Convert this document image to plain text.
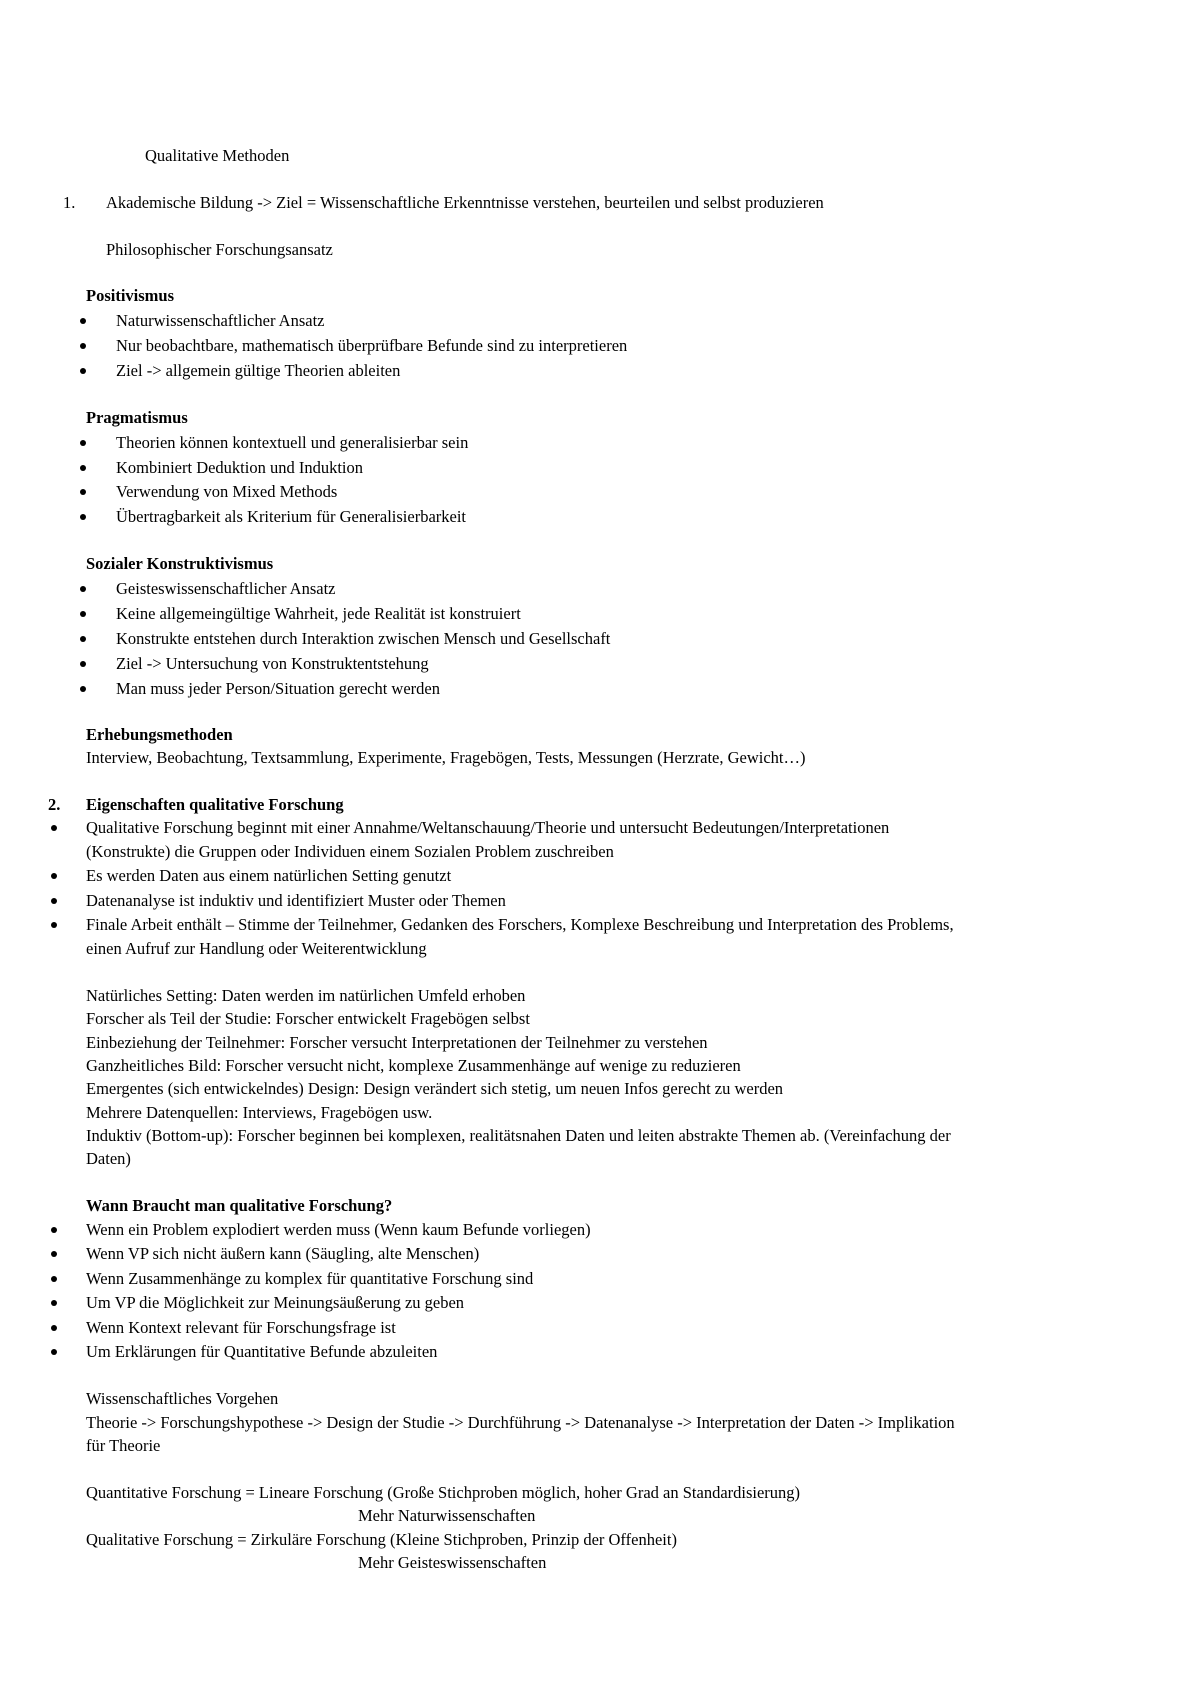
Qualitative Methoden
1. Akademische Bildung -> Ziel = Wissenschaftliche Erkenntnisse verstehen, beurteilen und selbst produzieren
Philosophischer Forschungsansatz
Positivismus
Naturwissenschaftlicher Ansatz
Nur beobachtbare, mathematisch überprüfbare Befunde sind zu interpretieren
Ziel -> allgemein gültige Theorien ableiten
Pragmatismus
Theorien können kontextuell und generalisierbar sein
Kombiniert Deduktion und Induktion
Verwendung von Mixed Methods
Übertragbarkeit als Kriterium für Generalisierbarkeit
Sozialer Konstruktivismus
Geisteswissenschaftlicher Ansatz
Keine allgemeingültige Wahrheit, jede Realität ist konstruiert
Konstrukte entstehen durch Interaktion zwischen Mensch und Gesellschaft
Ziel -> Untersuchung von Konstruktentstehung
Man muss jeder Person/Situation gerecht werden
Erhebungsmethoden
Interview, Beobachtung, Textsammlung, Experimente, Fragebögen, Tests, Messungen (Herzrate, Gewicht…)
2. Eigenschaften qualitative Forschung
Qualitative Forschung beginnt mit einer Annahme/Weltanschauung/Theorie und untersucht Bedeutungen/Interpretationen
(Konstrukte) die Gruppen oder Individuen einem Sozialen Problem zuschreiben
Es werden Daten aus einem natürlichen Setting genutzt
Datenanalyse ist induktiv und identifiziert Muster oder Themen
Finale Arbeit enthält – Stimme der Teilnehmer, Gedanken des Forschers, Komplexe Beschreibung und Interpretation des Problems,
einen Aufruf zur Handlung oder Weiterentwicklung
Natürliches Setting: Daten werden im natürlichen Umfeld erhoben
Forscher als Teil der Studie: Forscher entwickelt Fragebögen selbst
Einbeziehung der Teilnehmer: Forscher versucht Interpretationen der Teilnehmer zu verstehen
Ganzheitliches Bild: Forscher versucht nicht, komplexe Zusammenhänge auf wenige zu reduzieren
Emergentes (sich entwickelndes) Design: Design verändert sich stetig, um neuen Infos gerecht zu werden
Mehrere Datenquellen: Interviews, Fragebögen usw.
Induktiv (Bottom-up): Forscher beginnen bei komplexen, realitätsnahen Daten und leiten abstrakte Themen ab. (Vereinfachung der
Daten)
Wann Braucht man qualitative Forschung?
Wenn ein Problem explodiert werden muss (Wenn kaum Befunde vorliegen)
Wenn VP sich nicht äußern kann (Säugling, alte Menschen)
Wenn Zusammenhänge zu komplex für quantitative Forschung sind
Um VP die Möglichkeit zur Meinungsäußerung zu geben
Wenn Kontext relevant für Forschungsfrage ist
Um Erklärungen für Quantitative Befunde abzuleiten
Wissenschaftliches Vorgehen
Theorie -> Forschungshypothese -> Design der Studie -> Durchführung -> Datenanalyse -> Interpretation der Daten -> Implikation
für Theorie
Quantitative Forschung = Lineare Forschung (Große Stichproben möglich, hoher Grad an Standardisierung)
Mehr Naturwissenschaften
Qualitative Forschung = Zirkuläre Forschung (Kleine Stichproben, Prinzip der Offenheit)
Mehr Geisteswissenschaften
